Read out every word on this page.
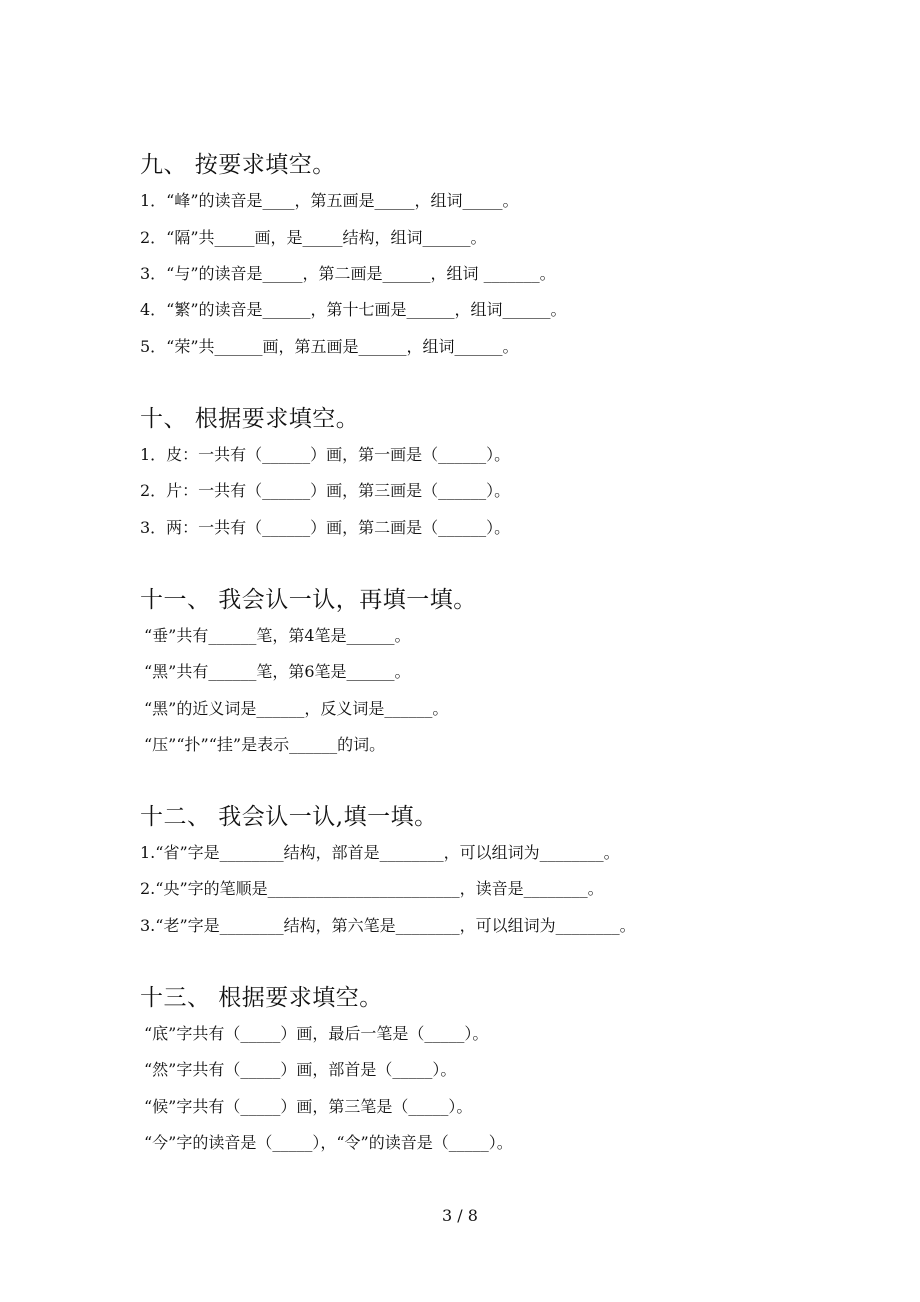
九、 按要求填空。
1．“峰”的读音是____，第五画是_____，组词_____。
2．“隔”共_____画，是_____结构，组词______。
3．“与”的读音是_____，第二画是______，组词 _______。
4．“繁”的读音是______，第十七画是______，组词______。
5．“荣”共______画，第五画是______，组词______。
十、 根据要求填空。
1．皮：一共有（______）画，第一画是（______）。
2．片：一共有（______）画，第三画是（______）。
3．两：一共有（______）画，第二画是（______）。
十一、 我会认一认，再填一填。
“垂”共有______笔，第4笔是______。
“黑”共有______笔，第6笔是______。
“黑”的近义词是______，反义词是______。
“压”“扑”“挂”是表示______的词。
十二、 我会认一认,填一填。
1.“省”字是________结构，部首是________，可以组词为________。
2.“央”字的笔顺是________________________，读音是________。
3.“老”字是________结构，第六笔是________，可以组词为________。
十三、 根据要求填空。
“底”字共有（_____）画，最后一笔是（_____）。
“然”字共有（_____）画，部首是（_____）。
“候”字共有（_____）画，第三笔是（_____）。
“今”字的读音是（_____），“令”的读音是（_____）。
3 / 8
